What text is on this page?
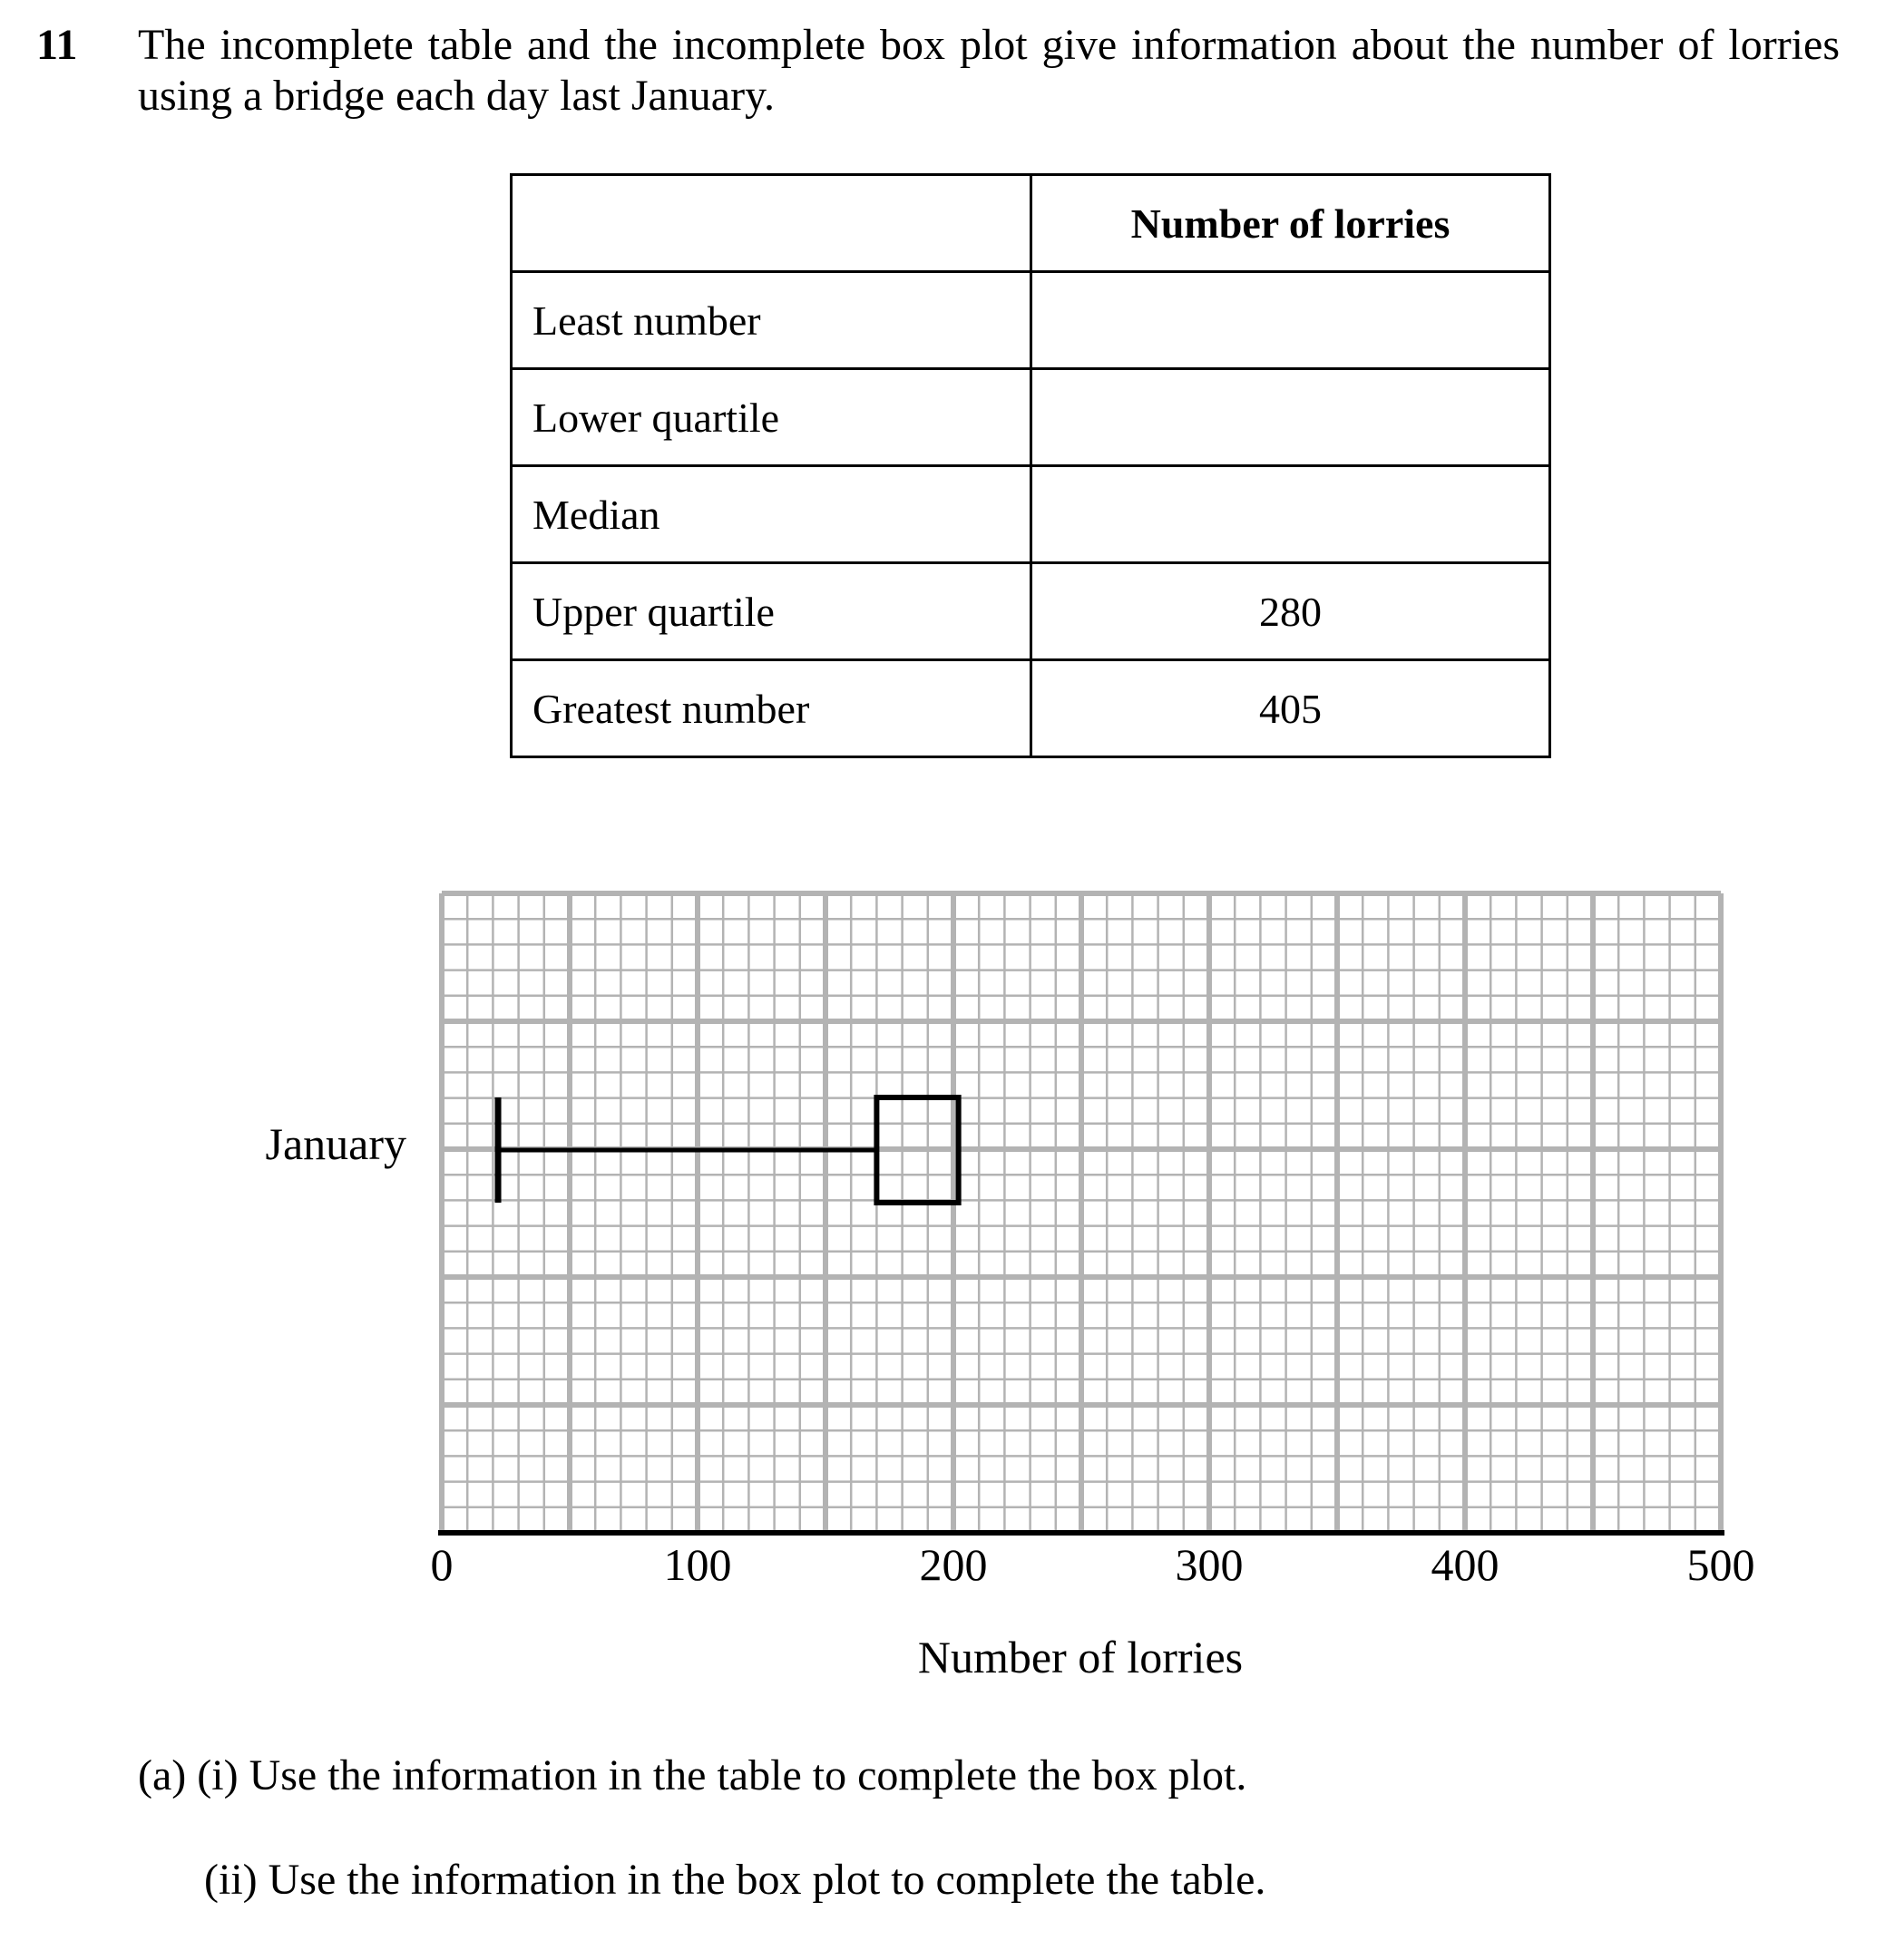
11 The incomplete table and the incomplete box plot give information about the number of lorries using a bridge each day last January.
	Number of lorries
Least number	
Lower quartile	
Median	
Upper quartile	280
Greatest number	405
0	100	200	300	400	500
January
Number of lorries
(a) (i) Use the information in the table to complete the box plot.
(ii) Use the information in the box plot to complete the table.
